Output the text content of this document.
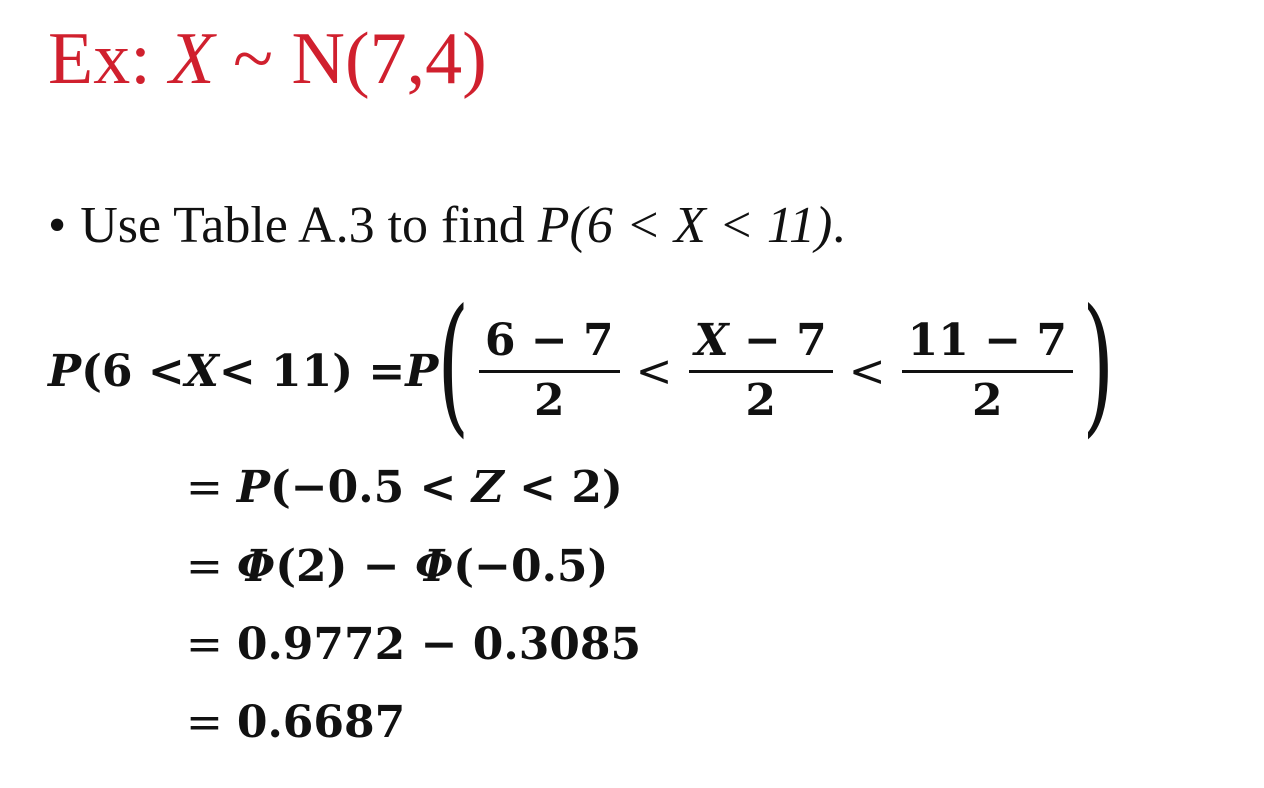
Ex: X ~ N(7,4)
• Use Table A.3 to find P(6 < X < 11).
P (6 < X < 11) = P ( $\frac{6 - 7}{2} < \frac{X - 7}{2} < \frac{11 - 7}{2}$ )
= P(−0.5 < Z < 2)
= Φ(2) − Φ(−0.5)
= 0.9772 − 0.3085
= 0.6687
